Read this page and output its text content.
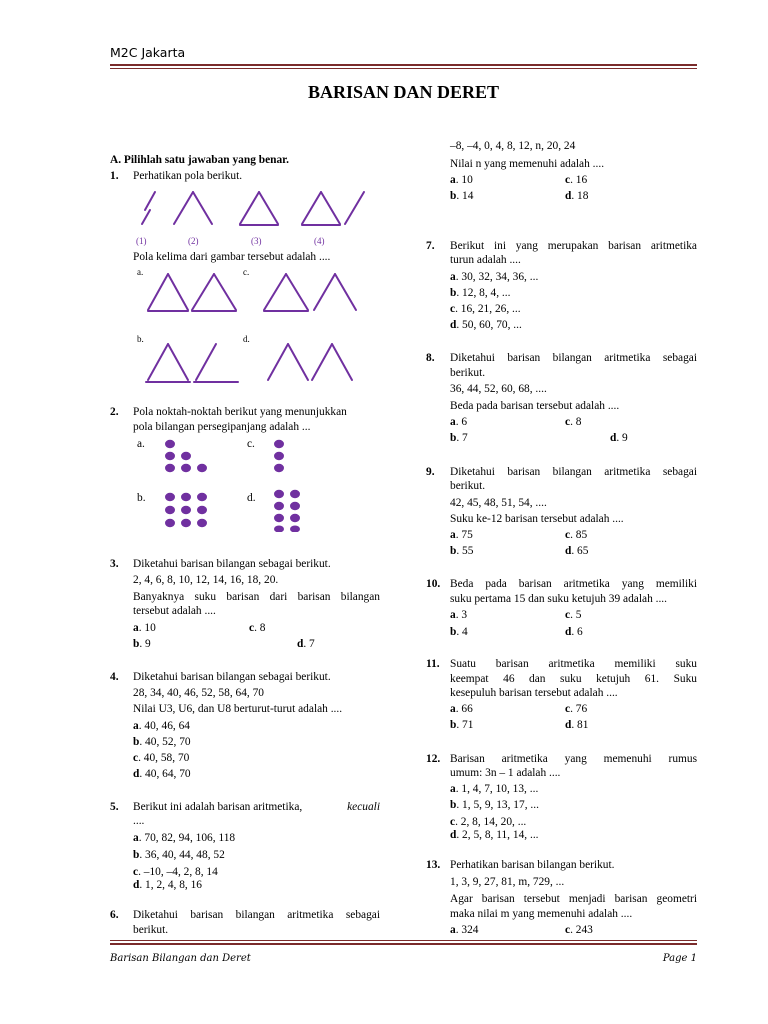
M2C Jakarta
BARISAN DAN DERET
Barisan Bilangan dan Deret	Page 1
A. Pilihlah satu jawaban yang benar.
1. Perhatikan pola berikut.
(1)	(2)	(3)	(4)
Pola kelima dari gambar tersebut adalah ....
a.	c.
b.	d.
2. Pola noktah-noktah berikut yang menunjukkan
pola bilangan persegipanjang adalah ...
a.	c.
b.	d.
3. Diketahui barisan bilangan sebagai berikut.
2, 4, 6, 8, 10, 12, 14, 16, 18, 20.
Banyaknya suku barisan dari barisan bilangan
tersebut adalah ....
a. 10	c. 8
b. 9	d. 7
4. Diketahui barisan bilangan sebagai berikut.
28, 34, 40, 46, 52, 58, 64, 70
Nilai U3, U6, dan U8 berturut-turut adalah ....
a. 40, 46, 64
b. 40, 52, 70
c. 40, 58, 70
d. 40, 64, 70
5. Berikut ini adalah barisan aritmetika,	kecuali
....
a. 70, 82, 94, 106, 118
b. 36, 40, 44, 48, 52
c. –10, –4, 2, 8, 14
d. 1, 2, 4, 8, 16
6. Diketahui barisan bilangan aritmetika sebagai
berikut.
–8, –4, 0, 4, 8, 12, n, 20, 24
Nilai n yang memenuhi adalah ....
a. 10	c. 16
b. 14	d. 18
7. Berikut ini yang merupakan barisan aritmetika
turun adalah ....
a. 30, 32, 34, 36, ...
b. 12, 8, 4, ...
c. 16, 21, 26, ...
d. 50, 60, 70, ...
8. Diketahui barisan bilangan aritmetika sebagai
berikut.
36, 44, 52, 60, 68, ....
Beda pada barisan tersebut adalah ....
a. 6	c. 8
b. 7	d. 9
9. Diketahui barisan bilangan aritmetika sebagai
berikut.
42, 45, 48, 51, 54, ....
Suku ke-12 barisan tersebut adalah ....
a. 75	c. 85
b. 55	d. 65
10. Beda pada barisan aritmetika yang memiliki
suku pertama 15 dan suku ketujuh 39 adalah ....
a. 3	c. 5
b. 4	d. 6
11. Suatu barisan aritmetika memiliki suku
keempat 46 dan suku ketujuh 61. Suku
kesepuluh barisan tersebut adalah ....
a. 66	c. 76
b. 71	d. 81
12. Barisan aritmetika yang memenuhi rumus
umum: 3n – 1 adalah ....
a. 1, 4, 7, 10, 13, ...
b. 1, 5, 9, 13, 17, ...
c. 2, 8, 14, 20, ...
d. 2, 5, 8, 11, 14, ...
13. Perhatikan barisan bilangan berikut.
1, 3, 9, 27, 81, m, 729, ...
Agar barisan tersebut menjadi barisan geometri
maka nilai m yang memenuhi adalah ....
a. 324	c. 243
